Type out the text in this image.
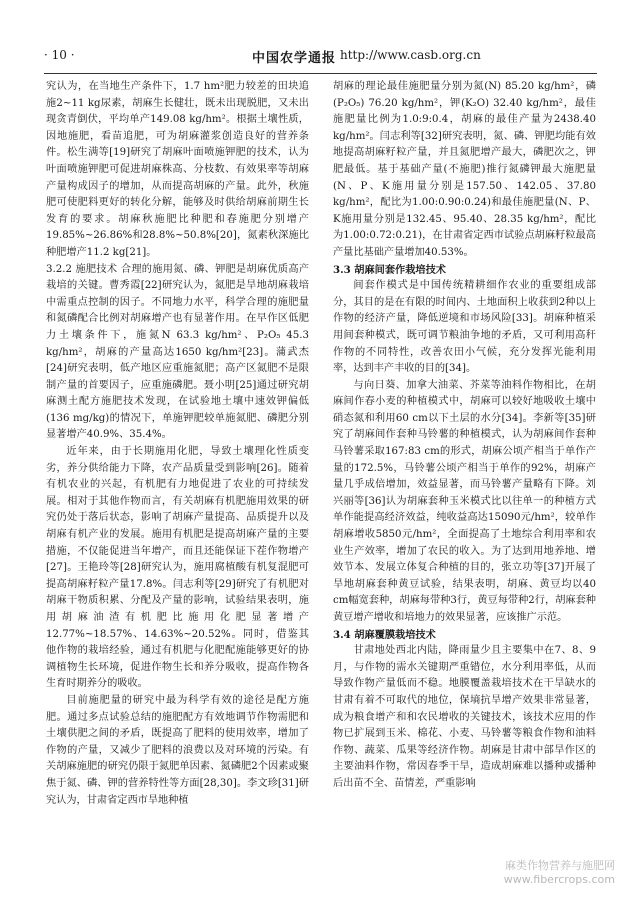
· 10 ·	中国农学通报 http://www.casb.org.cn

究认为，在当地生产条件下，1.7 hm²肥力较差的田块追施2~11 kg尿素，胡麻生长健壮，既未出现脱肥，又未出现贪青倒伏，平均单产149.08 kg/hm²。根据土壤性质，因地施肥，看苗追肥，可为胡麻灌浆创造良好的营养条件。松生满等[19]研究了胡麻叶面喷施钾肥的技术，认为叶面喷施钾肥可促进胡麻株高、分枝数、有效果率等胡麻产量构成因子的增加，从而提高胡麻的产量。此外，秋施肥可使肥料更好的转化分解，能够及时供给胡麻前期生长发育的要求。胡麻秋施肥比种肥和春施肥分别增产19.85%~26.86%和28.8%~50.8%[20]，氮素秋深施比种肥增产11.2 kg[21]。

3.2.2 施肥技术 合理的施用氮、磷、钾肥是胡麻优质高产栽培的关键。曹秀霞[22]研究认为，氮肥是旱地胡麻栽培中需重点控制的因子。不同地力水平，科学合理的施肥量和氮磷配合比例对胡麻增产也有显著作用。在早作区低肥力土壤条件下，施氮N 63.3 kg/hm²、P₂O₅ 45.3 kg/hm²，胡麻的产量高达1650 kg/hm²[23]。蒲武杰[24]研究表明，低产地区应重施氮肥；高产区氮肥不是限制产量的首要因子，应重施磷肥。聂小明[25]通过研究胡麻测土配方施肥技术发现，在试验地土壤中速效钾偏低(136 mg/kg)的情况下，单施钾肥较单施氮肥、磷肥分别显著增产40.9%、35.4%。

近年来，由于长期施用化肥，导致土壤理化性质变劣，养分供给能力下降，农产品质量受到影响[26]。随着有机农业的兴起，有机肥有力地促进了农业的可持续发展。相对于其他作物而言，有关胡麻有机肥施用效果的研究仍处于落后状态，影响了胡麻产量提高、品质提升以及胡麻有机产业的发展。施用有机肥是提高胡麻产量的主要措施，不仅能促进当年增产，而且还能保证下茬作物增产[27]。王艳玲等[28]研究认为，施用腐植酸有机复混肥可提高胡麻籽粒产量17.8%。闫志利等[29]研究了有机肥对胡麻干物质积累、分配及产量的影响，试验结果表明，施用胡麻油渣有机肥比施用化肥显著增产12.77%~18.57%、14.63%~20.52%。同时，借鉴其他作物的栽培经验，通过有机肥与化肥配施能够更好的协调植物生长环境，促进作物生长和养分吸收，提高作物各生育时期养分的吸收。

目前施肥量的研究中最为科学有效的途径是配方施肥。通过多点试验总结的施肥配方有效地调节作物需肥和土壤供肥之间的矛盾，既提高了肥料的使用效率，增加了作物的产量，又减少了肥料的浪费以及对环境的污染。有关胡麻施肥的研究仍限于氮肥单因素、氮磷肥2个因素或聚焦于氮、磷、钾的营养特性等方面[28,30]。李文珍[31]研究认为，甘肃省定西市旱地种植

胡麻的理论最佳施肥量分别为氮(N) 85.20 kg/hm²，磷(P₂O₅) 76.20 kg/hm²，钾(K₂O) 32.40 kg/hm²，最佳施肥量比例为1.0:9:0.4，胡麻的最佳产量为2438.40 kg/hm²。闫志利等[32]研究表明，氮、磷、钾肥均能有效地提高胡麻籽粒产量，并且氮肥增产最大，磷肥次之，钾肥最低。基于基础产量(不施肥)推行氮磷钾最大施肥量(N、P、K施用量分别是157.50、142.05、37.80 kg/hm²，配比为1.00:0.90:0.24)和最佳施肥量(N、P、K施用量分别是132.45、95.40、28.35 kg/hm²，配比为1.00:0.72:0.21)，在甘肃省定西市试验点胡麻籽粒最高产量比基础产量增加40.53%。

3.3 胡麻间套作栽培技术

间套作模式是中国传统精耕细作农业的重要组成部分，其目的是在有限的时间内、土地面积上收获到2种以上作物的经济产量，降低逆境和市场风险[33]。胡麻种植采用间套种模式，既可调节粮油争地的矛盾，又可利用高秆作物的不同特性，改善农田小气候，充分发挥光能利用率，达到丰产丰收的目的[34]。

与向日葵、加拿大油菜、芥菜等油料作物相比，在胡麻间作春小麦的种植模式中，胡麻可以较好地吸收土壤中硝态氮和利用60 cm以下土层的水分[34]。李新等[35]研究了胡麻间作套种马铃薯的种植模式，认为胡麻间作套种马铃薯采取167:83 cm的形式，胡麻公顷产相当于单作产量的172.5%，马铃薯公顷产相当于单作的92%，胡麻产量几乎成倍增加，效益显著，而马铃薯产量略有下降。刘兴丽等[36]认为胡麻套种玉米模式比以往单一的种植方式单作能提高经济效益，纯收益高达15090元/hm²，较单作胡麻增收5850元/hm²，全面提高了土地综合利用率和农业生产效率，增加了农民的收入。为了达到用地养地、增效节本、发展立体复合种植的目的，张立功等[37]开展了旱地胡麻套种黄豆试验，结果表明，胡麻、黄豆均以40 cm幅宽套种，胡麻每带种3行，黄豆每带种2行，胡麻套种黄豆增产增收和培地力的效果显著，应该推广示范。

3.4 胡麻覆膜栽培技术

甘肃地处西北内陆，降雨量少且主要集中在7、8、9月，与作物的需水关键期严重错位，水分利用率低，从而导致作物产量低而不稳。地膜覆盖栽培技术在干旱缺水的甘肃有着不可取代的地位，保墒抗旱增产效果非常显著，成为粮食增产和和农民增收的关键技术，该技术应用的作物已扩展到玉米、棉花、小麦、马铃薯等粮食作物和油料作物、蔬菜、瓜果等经济作物。胡麻是甘肃中部旱作区的主要油料作物，常因春季干旱，造成胡麻难以播种或播种后出苗不全、苗情差，严重影响

麻类作物营养与施肥网
www.fibercrops.com
